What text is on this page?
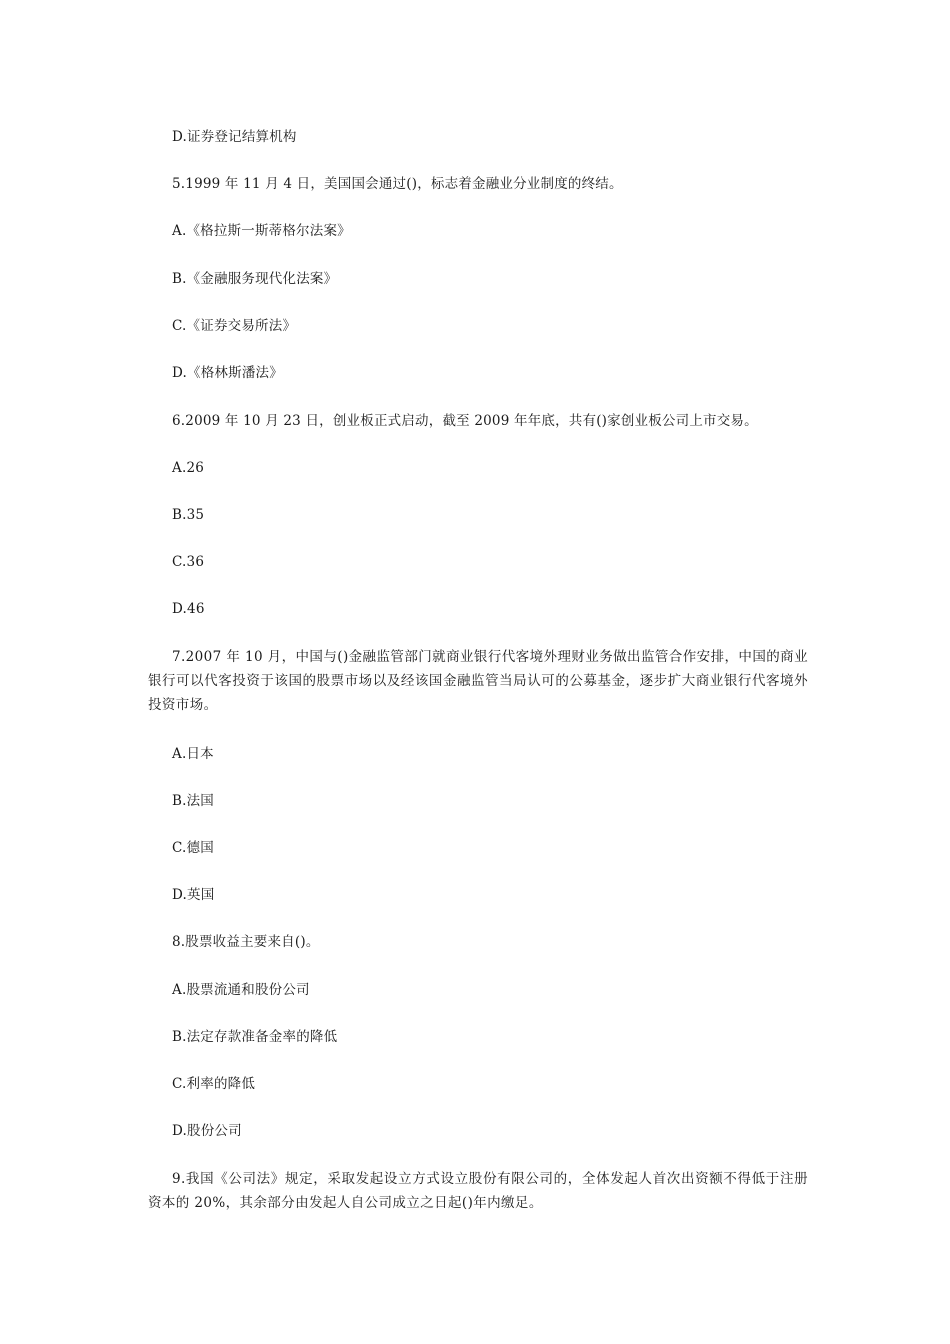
D.证券登记结算机构
5.1999 年 11 月 4 日，美国国会通过()，标志着金融业分业制度的终结。
A.《格拉斯一斯蒂格尔法案》
B.《金融服务现代化法案》
C.《证券交易所法》
D.《格林斯潘法》
6.2009 年 10 月 23 日，创业板正式启动，截至 2009 年年底，共有()家创业板公司上市交易。
A.26
B.35
C.36
D.46
7.2007 年 10 月，中国与()金融监管部门就商业银行代客境外理财业务做出监管合作安排，中国的商业银行可以代客投资于该国的股票市场以及经该国金融监管当局认可的公募基金，逐步扩大商业银行代客境外投资市场。
A.日本
B.法国
C.德国
D.英国
8.股票收益主要来自()。
A.股票流通和股份公司
B.法定存款准备金率的降低
C.利率的降低
D.股份公司
9.我国《公司法》规定，采取发起设立方式设立股份有限公司的，全体发起人首次出资额不得低于注册资本的 20%，其余部分由发起人自公司成立之日起()年内缴足。
